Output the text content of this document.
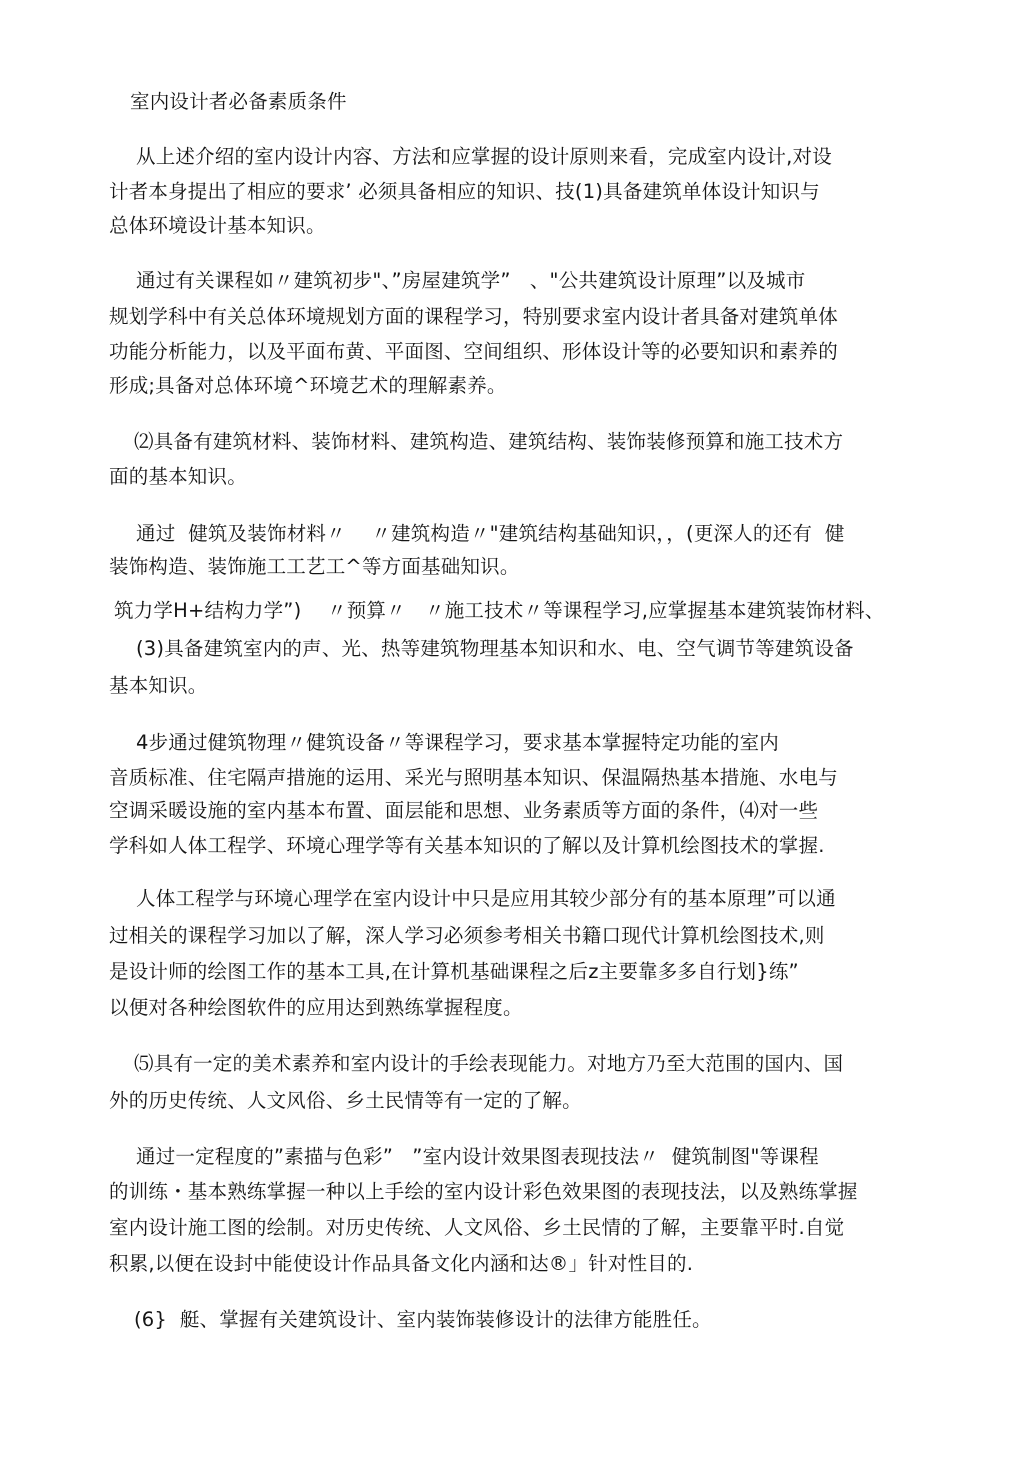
室内设计者必备素质条件
从上述介绍的室内设计内容、方法和应掌握的设计原则来看，完成室内设计,对设
计者本身提出了相应的要求’ 必须具备相应的知识、技(1)具备建筑单体设计知识与
总体环境设计基本知识。
通过有关课程如〃建筑初步"、”房屋建筑学”   、"公共建筑设计原理”以及城市
规划学科中有关总体环境规划方面的课程学习，特别要求室内设计者具备对建筑单体
功能分析能力，以及平面布黄、平面图、空间组织、形体设计等的必要知识和素养的
形成;具备对总体环境^环境艺术的理解素养。
⑵具备有建筑材料、装饰材料、建筑构造、建筑结构、装饰装修预算和施工技术方
面的基本知识。
通过  健筑及装饰材料〃    〃建筑构造〃"建筑结构基础知识，，(更深人的还有  健
装饰构造、装饰施工工艺工^等方面基础知识。
筑力学H+结构力学”)    〃预算〃   〃施工技术〃等课程学习,应掌握基本建筑装饰材料、
(3)具备建筑室内的声、光、热等建筑物理基本知识和水、电、空气调节等建筑设备
基本知识。
4步通过健筑物理〃健筑设备〃等课程学习，要求基本掌握特定功能的室内
音质标准、住宅隔声措施的运用、采光与照明基本知识、保温隔热基本措施、水电与
空调采暖设施的室内基本布置、面层能和思想、业务素质等方面的条件，⑷对一些
学科如人体工程学、环境心理学等有关基本知识的了解以及计算机绘图技术的掌握.
人体工程学与环境心理学在室内设计中只是应用其较少部分有的基本原理”可以通
过相关的课程学习加以了解，深人学习必须参考相关书籍口现代计算机绘图技术,则
是设计师的绘图工作的基本工具,在计算机基础课程之后z主要靠多多自行划}练”
以便对各种绘图软件的应用达到熟练掌握程度。
⑸具有一定的美术素养和室内设计的手绘表现能力。对地方乃至大范围的国内、国
外的历史传统、人文风俗、乡土民情等有一定的了解。
通过一定程度的”素描与色彩”   ”室内设计效果图表现技法〃  健筑制图"等课程
的训练・基本熟练掌握一种以上手绘的室内设计彩色效果图的表现技法，以及熟练掌握
室内设计施工图的绘制。对历史传统、人文风俗、乡土民情的了解，主要靠平时.自觉
积累,以便在设封中能使设计作品具备文化内涵和达®」针对性目的.
(6}  艇、掌握有关建筑设计、室内装饰装修设计的法律方能胜任。
